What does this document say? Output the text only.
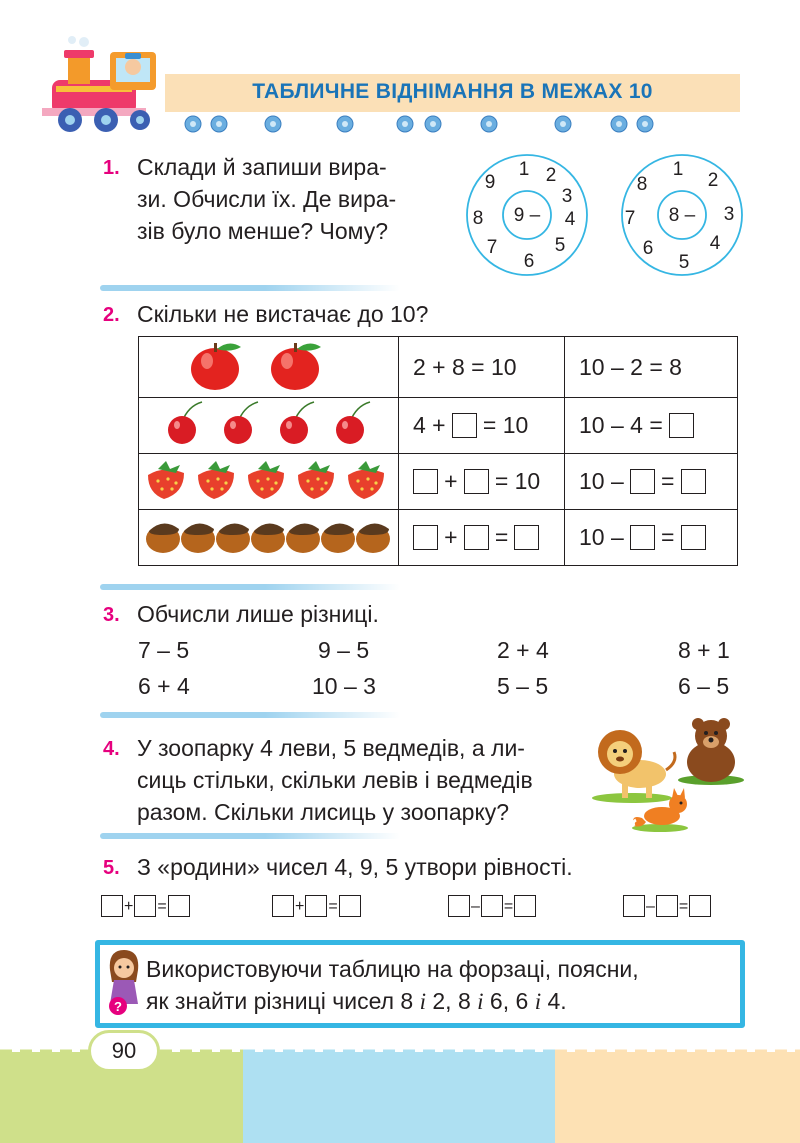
ТАБЛИЧНЕ ВІДНІМАННЯ В МЕЖАХ 10
1. Склади й запиши вира-
зи. Обчисли їх. Де вира-
зів було менше? Чому?
9 –
1 2
3
4
5
6
7
8
9
8 –
1
2
3
4
5
6
7
8
2. Скільки не вистачає до 10?
	2 + 8 = 10	10 – 2 = 8
	4 + = 10	10 – 4 =
	+ = 10	10 – =
	+ =	10 – =
3. Обчисли лише різниці.
7 – 5	9 – 5	2 + 4	8 + 1
6 + 4	10 – 3	5 – 5	6 – 5
4. У зоопарку 4 леви, 5 ведмедів, а ли-
сиць стільки, скільки левів і ведмедів
разом. Скільки лисиць у зоопарку?
5. З «родини» чисел 4, 9, 5 утвори рівності.
+ =	+ =	– =	– =
?
Використовуючи таблицю на форзаці, поясни,
як знайти різниці чисел 8 і 2, 8 і 6, 6 і 4.
90
